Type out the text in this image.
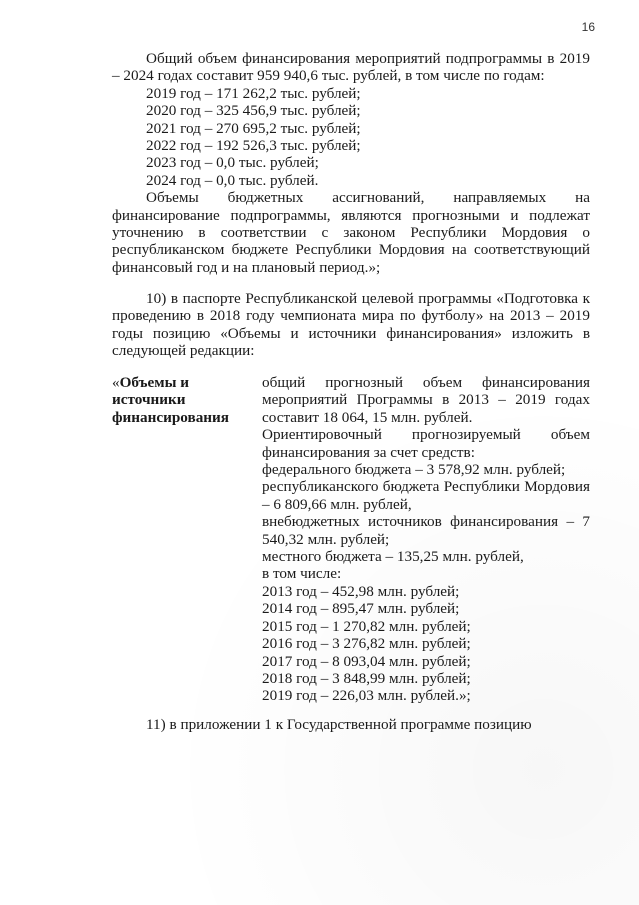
16

Общий объем финансирования мероприятий подпрограммы в 2019 – 2024 годах составит 959 940,6 тыс. рублей, в том числе по годам:

2019 год – 171 262,2 тыс. рублей;
2020 год – 325 456,9 тыс. рублей;
2021 год – 270 695,2 тыс. рублей;
2022 год – 192 526,3 тыс. рублей;
2023 год – 0,0 тыс. рублей;
2024 год – 0,0 тыс. рублей.

Объемы бюджетных ассигнований, направляемых на финансирование подпрограммы, являются прогнозными и подлежат уточнению в соответствии с законом Республики Мордовия о республиканском бюджете Республики Мордовия на соответствующий финансовый год и на плановый период.»;

10) в паспорте Республиканской целевой программы «Подготовка к проведению в 2018 году чемпионата мира по футболу» на 2013 – 2019 годы позицию «Объемы и источники финансирования» изложить в следующей редакции:

«Объемы и источники финансирования

общий прогнозный объем финансирования мероприятий Программы в 2013 – 2019 годах составит 18 064, 15 млн. рублей.

Ориентировочный прогнозируемый объем финансирования за счет средств:

федерального бюджета – 3 578,92 млн. рублей;

республиканского бюджета Республики Мордовия – 6 809,66 млн. рублей,

внебюджетных источников финансирования – 7 540,32 млн. рублей;

местного бюджета – 135,25 млн. рублей,

в том числе:

2013 год – 452,98 млн. рублей;
2014 год – 895,47 млн. рублей;
2015 год – 1 270,82 млн. рублей;
2016 год – 3 276,82 млн. рублей;
2017 год – 8 093,04 млн. рублей;
2018 год – 3 848,99 млн. рублей;
2019 год – 226,03 млн. рублей.»;

11) в приложении 1 к Государственной программе позицию
